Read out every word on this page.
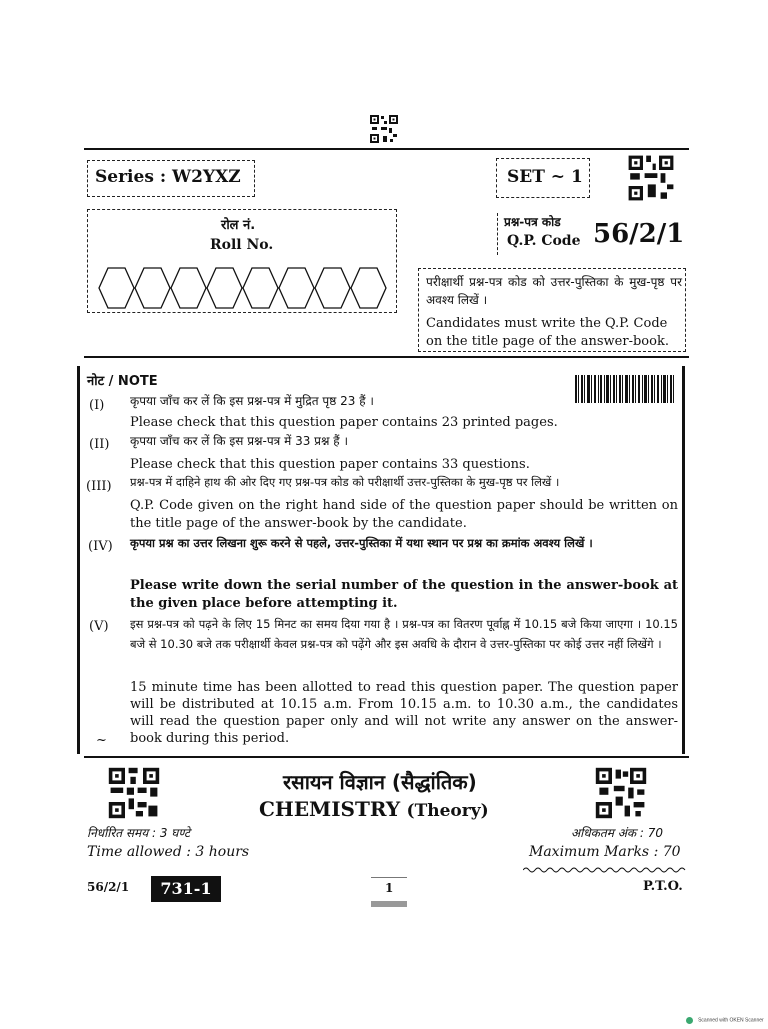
Series : W2YXZ	SET ~ 1
रोल नं.
Roll No.
प्रश्न-पत्र कोड
Q.P. Code 56/2/1
परीक्षार्थी प्रश्न-पत्र कोड को उत्तर-पुस्तिका के मुख-पृष्ठ पर अवश्य लिखें ।
Candidates must write the Q.P. Code on the title page of the answer-book.
नोट / NOTE
(I) कृपया जाँच कर लें कि इस प्रश्न-पत्र में मुद्रित पृष्ठ 23 हैं ।
Please check that this question paper contains 23 printed pages.
(II) कृपया जाँच कर लें कि इस प्रश्न-पत्र में 33 प्रश्न हैं ।
Please check that this question paper contains 33 questions.
(III) प्रश्न-पत्र में दाहिने हाथ की ओर दिए गए प्रश्न-पत्र कोड को परीक्षार्थी उत्तर-पुस्तिका के मुख-पृष्ठ पर लिखें ।
Q.P. Code given on the right hand side of the question paper should be written on the title page of the answer-book by the candidate.
(IV) कृपया प्रश्न का उत्तर लिखना शुरू करने से पहले, उत्तर-पुस्तिका में यथा स्थान पर प्रश्न का क्रमांक अवश्य लिखें ।
Please write down the serial number of the question in the answer-book at the given place before attempting it.
(V) इस प्रश्न-पत्र को पढ़ने के लिए 15 मिनट का समय दिया गया है । प्रश्न-पत्र का वितरण पूर्वाह्न में 10.15 बजे किया जाएगा । 10.15 बजे से 10.30 बजे तक परीक्षार्थी केवल प्रश्न-पत्र को पढ़ेंगे और इस अवधि के दौरान वे उत्तर-पुस्तिका पर कोई उत्तर नहीं लिखेंगे ।
15 minute time has been allotted to read this question paper. The question paper will be distributed at 10.15 a.m. From 10.15 a.m. to 10.30 a.m., the candidates will read the question paper only and will not write any answer on the answer-book during this period.
~
रसायन विज्ञान (सैद्धांतिक)
CHEMISTRY (Theory)
निर्धारित समय : 3 घण्टे
Time allowed : 3 hours
अधिकतम अंक : 70
Maximum Marks : 70
56/2/1	731-1	1	P.T.O.
Scanned with OKEN Scanner
